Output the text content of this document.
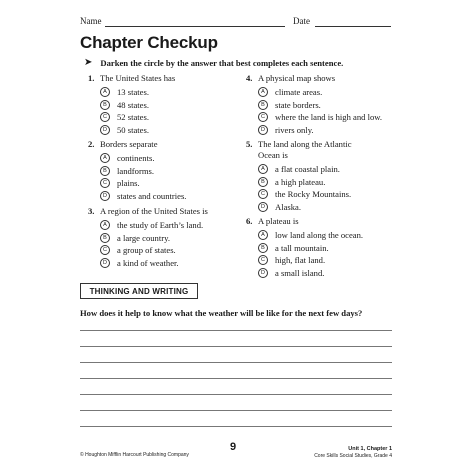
Name	Date
Chapter Checkup
➤ Darken the circle by the answer that best completes each sentence.
1. The United States has
A	13 states.
B	48 states.
C	52 states.
D	50 states.
2. Borders separate
A	continents.
B	landforms.
C	plains.
D	states and countries.
3. A region of the United States is
A	the study of Earth’s land.
B	a large country.
C	a group of states.
D	a kind of weather.
4. A physical map shows
A	climate areas.
B	state borders.
C	where the land is high and low.
D	rivers only.
5. The land along the Atlantic
Ocean is
A	a flat coastal plain.
B	a high plateau.
C	the Rocky Mountains.
D	Alaska.
6. A plateau is
A	low land along the ocean.
B	a tall mountain.
C	high, flat land.
D	a small island.
THINKING AND WRITING
How does it help to know what the weather will be like for the next few days?
© Houghton Mifflin Harcourt Publishing Company
9	Unit 1, Chapter 1
Core Skills Social Studies, Grade 4
